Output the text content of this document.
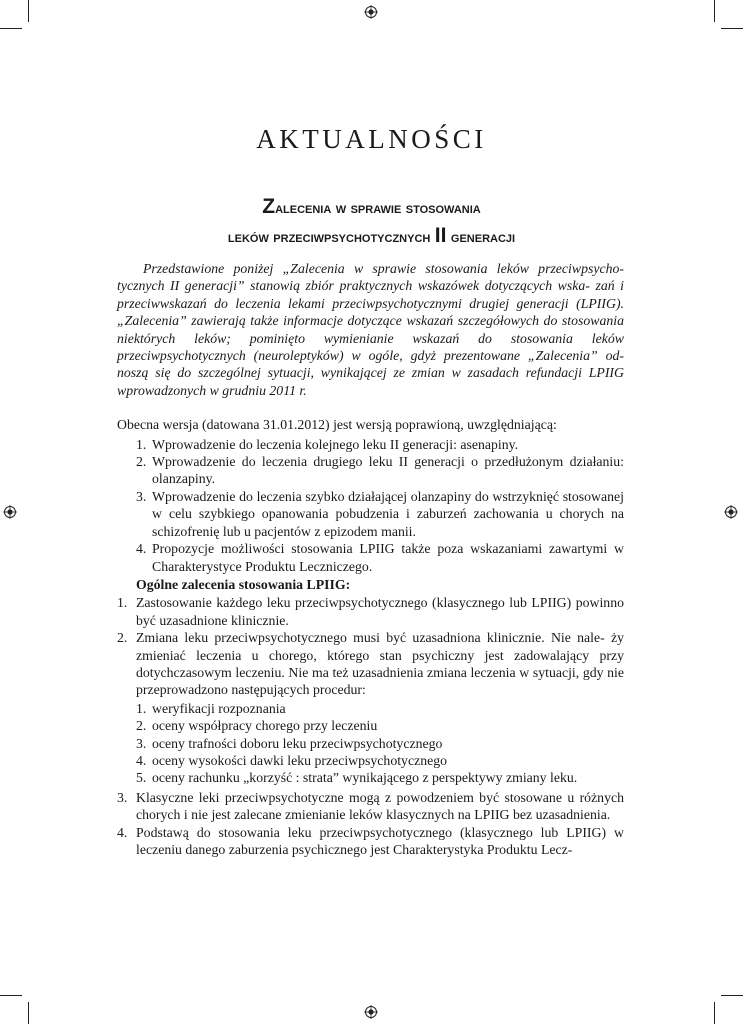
AKTUALNOŚCI
Zalecenia w sprawie stosowania
leków przeciwpsychotycznych II generacji

Przedstawione poniżej „Zalecenia w sprawie stosowania leków przeciwpsycho- tycznych II generacji” stanowią zbiór praktycznych wskazówek dotyczących wska- zań i przeciwwskazań do leczenia lekami przeciwpsychotycznymi drugiej generacji (LPIIG). „Zalecenia” zawierają także informacje dotyczące wskazań szczegółowych do stosowania niektórych leków; pominięto wymienianie wskazań do stosowania leków przeciwpsychotycznych (neuroleptyków) w ogóle, gdyż prezentowane „Zalecenia” od- noszą się do szczególnej sytuacji, wynikającej ze zmian w zasadach refundacji LPIIG wprowadzonych w grudniu 2011 r.

Obecna wersja (datowana 31.01.2012) jest wersją poprawioną, uwzględniającą:

1. Wprowadzenie do leczenia kolejnego leku II generacji: asenapiny.
2. Wprowadzenie do leczenia drugiego leku II generacji o przedłużonym działaniu: olanzapiny.
3. Wprowadzenie do leczenia szybko działającej olanzapiny do wstrzyknięć stosowanej w celu szybkiego opanowania pobudzenia i zaburzeń zachowania u chorych na schizofrenię lub u pacjentów z epizodem manii.
4. Propozycje możliwości stosowania LPIIG także poza wskazaniami zawartymi w Charakterystyce Produktu Leczniczego.
Ogólne zalecenia stosowania LPIIG:
1. Zastosowanie każdego leku przeciwpsychotycznego (klasycznego lub LPIIG) powinno być uzasadnione klinicznie.
2. Zmiana leku przeciwpsychotycznego musi być uzasadniona klinicznie. Nie nale- ży zmieniać leczenia u chorego, którego stan psychiczny jest zadowalający przy dotychczasowym leczeniu. Nie ma też uzasadnienia zmiana leczenia w sytuacji, gdy nie przeprowadzono następujących procedur:
1. weryfikacji rozpoznania
2. oceny współpracy chorego przy leczeniu
3. oceny trafności doboru leku przeciwpsychotycznego
4. oceny wysokości dawki leku przeciwpsychotycznego
5. oceny rachunku „korzyść : strata” wynikającego z perspektywy zmiany leku.
3. Klasyczne leki przeciwpsychotyczne mogą z powodzeniem być stosowane u różnych chorych i nie jest zalecane zmienianie leków klasycznych na LPIIG bez uzasadnienia.
4. Podstawą do stosowania leku przeciwpsychotycznego (klasycznego lub LPIIG) w leczeniu danego zaburzenia psychicznego jest Charakterystyka Produktu Lecz-
